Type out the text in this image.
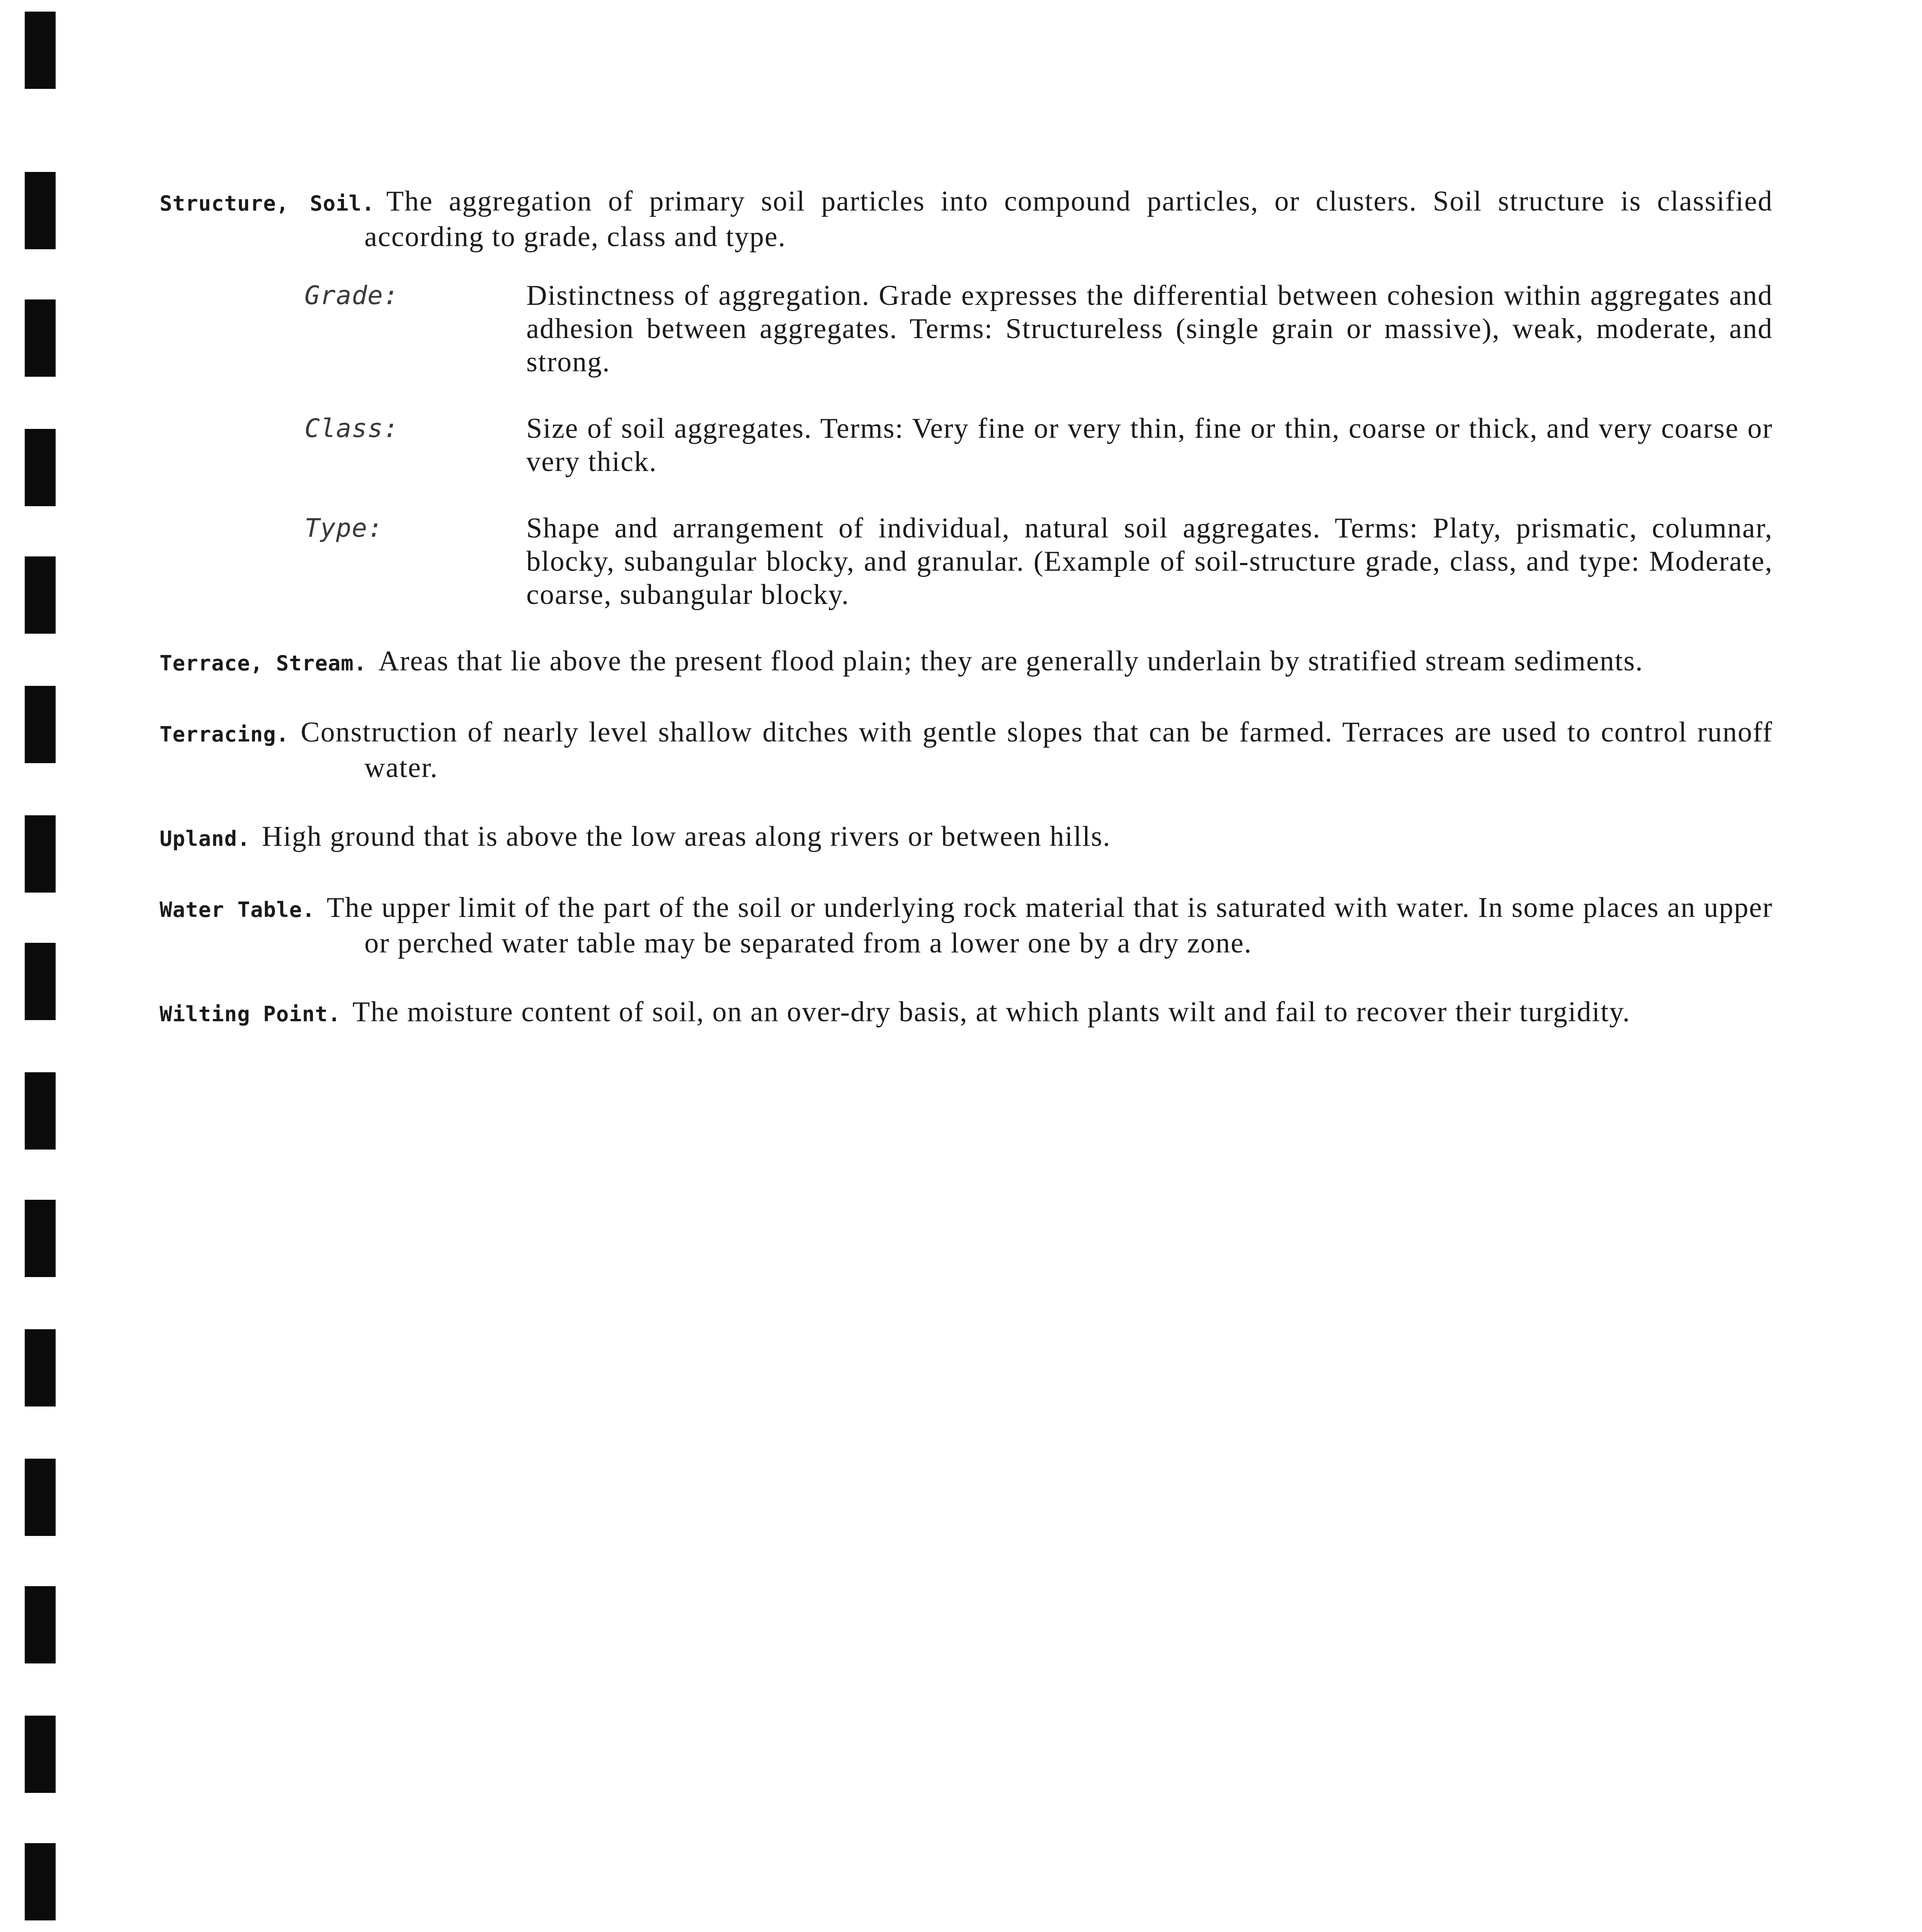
Structure, Soil. The aggregation of primary soil particles into compound particles, or clusters. Soil structure is classified according to grade, class and type.
Grade:	Distinctness of aggregation. Grade expresses the differential between cohesion within aggregates and adhesion between aggregates. Terms: Structureless (single grain or massive), weak, moderate, and strong.
Class:	Size of soil aggregates. Terms: Very fine or very thin, fine or thin, coarse or thick, and very coarse or very thick.
Type:	Shape and arrangement of individual, natural soil aggregates. Terms: Platy, prismatic, columnar, blocky, subangular blocky, and granular. (Example of soil-structure grade, class, and type: Moderate, coarse, subangular blocky.
Terrace, Stream. Areas that lie above the present flood plain; they are generally underlain by stratified stream sediments.
Terracing. Construction of nearly level shallow ditches with gentle slopes that can be farmed. Terraces are used to control runoff water.
Upland. High ground that is above the low areas along rivers or between hills.
Water Table. The upper limit of the part of the soil or underlying rock material that is saturated with water. In some places an upper or perched water table may be separated from a lower one by a dry zone.
Wilting Point. The moisture content of soil, on an over-dry basis, at which plants wilt and fail to recover their turgidity.
